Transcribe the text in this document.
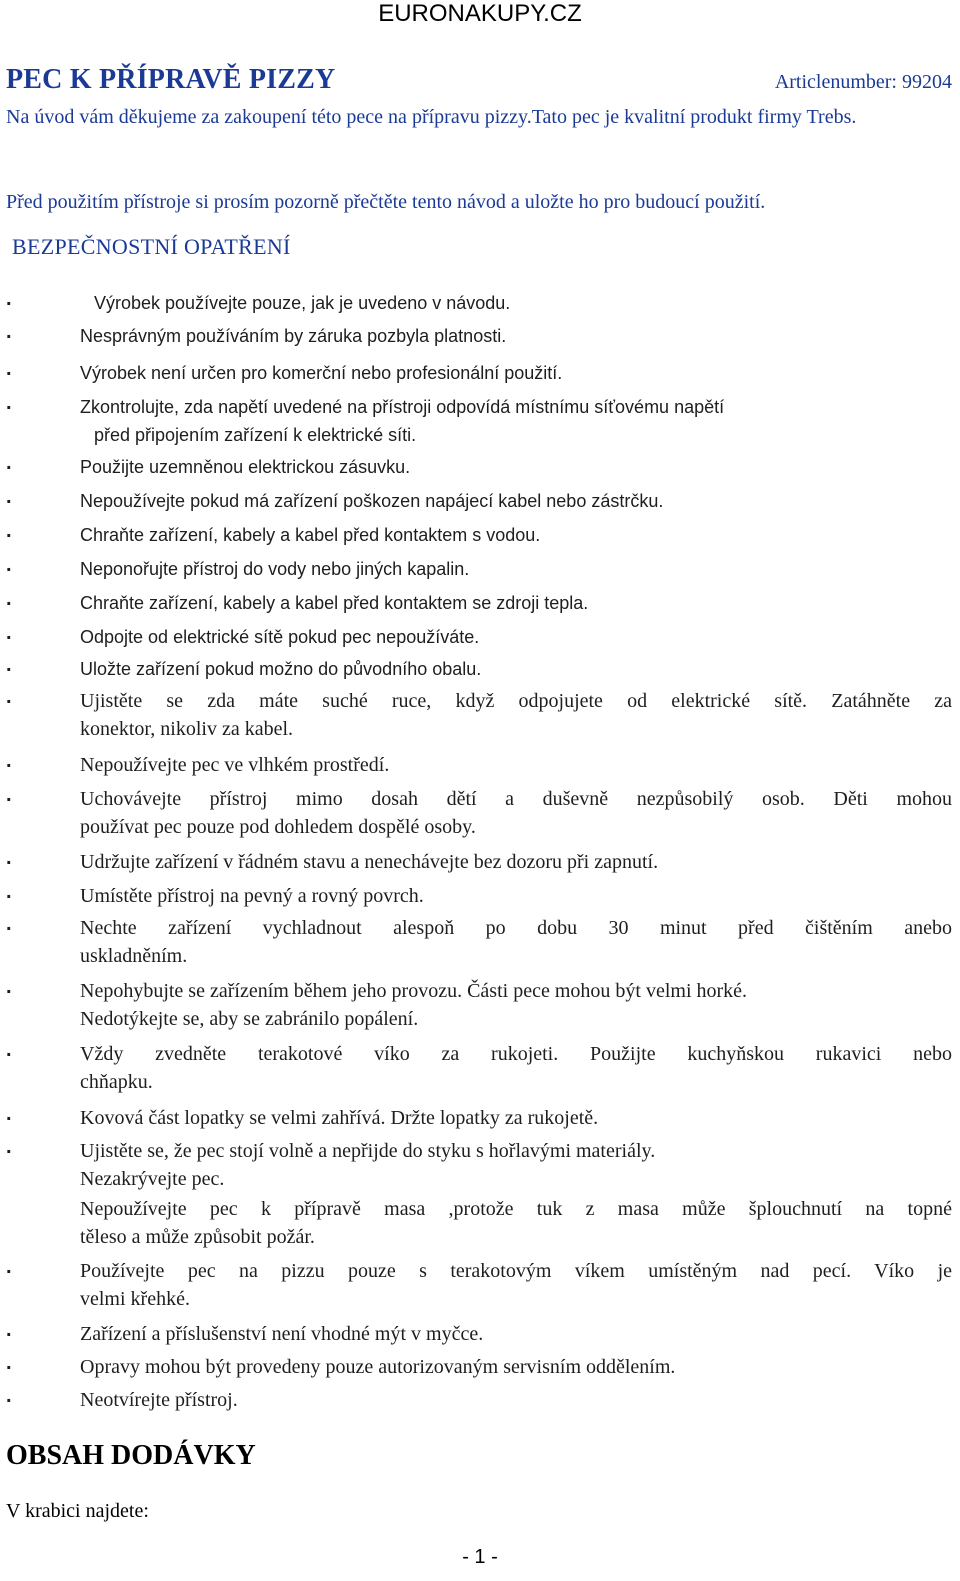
EURONAKUPY.CZ
PEC K PŘÍPRAVĚ PIZZY	Articlenumber: 99204
Na úvod vám děkujeme za zakoupení této pece na přípravu pizzy.Tato pec je kvalitní produkt firmy Trebs.
Před použitím přístroje si prosím pozorně přečtěte tento návod a uložte ho pro budoucí použití.
BEZPEČNOSTNÍ OPATŘENÍ
.	Výrobek používejte pouze, jak je uvedeno v návodu.
.	Nesprávným používáním by záruka pozbyla platnosti.
.	Výrobek není určen pro komerční nebo profesionální použití.
.	Zkontrolujte, zda napětí uvedené na přístroji odpovídá místnímu síťovému napětí
před připojením zařízení k elektrické síti.
.	Použijte uzemněnou elektrickou zásuvku.
.	Nepoužívejte pokud má zařízení poškozen napájecí kabel nebo zástrčku.
.	Chraňte zařízení, kabely a kabel před kontaktem s vodou.
.	Neponořujte přístroj do vody nebo jiných kapalin.
.	Chraňte zařízení, kabely a kabel před kontaktem se zdroji tepla.
.	Odpojte od elektrické sítě pokud pec nepoužíváte.
.	Uložte zařízení pokud možno do původního obalu.
.	Ujistěte se zda máte suché ruce, když odpojujete od elektrické sítě. Zatáhněte za
konektor, nikoliv za kabel.
.	Nepoužívejte pec ve vlhkém prostředí.
.	Uchovávejte přístroj mimo dosah dětí a duševně nezpůsobilý osob. Děti mohou
používat pec pouze pod dohledem dospělé osoby.
.	Udržujte zařízení v řádném stavu a nenechávejte bez dozoru při zapnutí.
.	Umístěte přístroj na pevný a rovný povrch.
.	Nechte zařízení vychladnout alespoň po dobu 30 minut před čištěním anebo
uskladněním.
.	Nepohybujte se zařízením během jeho provozu. Části pece mohou být velmi horké.
Nedotýkejte se, aby se zabránilo popálení.
.	Vždy zvedněte terakotové víko za rukojeti. Použijte kuchyňskou rukavici nebo
chňapku.
.	Kovová část lopatky se velmi zahřívá. Držte lopatky za rukojetě.
.	Ujistěte se, že pec stojí volně a nepřijde do styku s hořlavými materiály.
Nezakrývejte pec.
Nepoužívejte pec k přípravě masa ,protože tuk z masa může šplouchnutí na topné
těleso a může způsobit požár.
.	Používejte pec na pizzu pouze s terakotovým víkem umístěným nad pecí. Víko je
velmi křehké.
.	Zařízení a příslušenství není vhodné mýt v myčce.
.	Opravy mohou být provedeny pouze autorizovaným servisním oddělením.
.	Neotvírejte přístroj.
OBSAH DODÁVKY
V krabici najdete:
- 1 -
